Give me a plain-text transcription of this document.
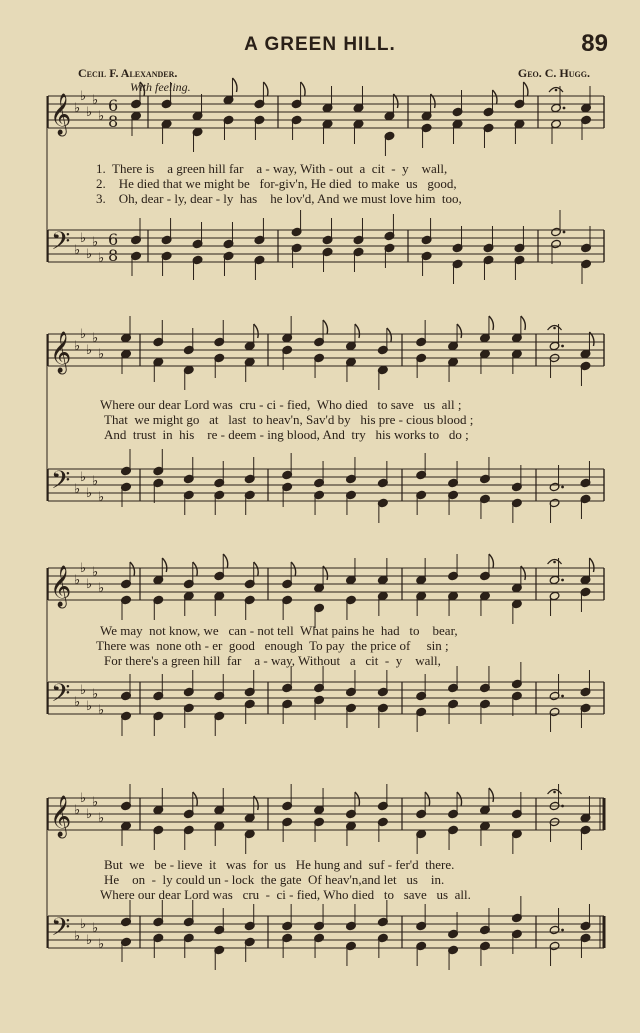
A GREEN HILL.	89
Cecil F. Alexander.	Geo. C. Hugg.
With feeling.
𝄞 ♭
♭
♭
♭
♭
6
8
𝄢 ♭
♭
♭
♭
♭
6
8
𝄞 ♭
♭
♭
♭
♭
𝄢 ♭
♭
♭
♭
♭
𝄞 ♭
♭
♭
♭
♭
𝄢 ♭
♭
♭
♭
♭
𝄞 ♭
♭
♭
♭
♭
𝄢 ♭
♭
♭
♭
♭
1.  There is    a green hill far    a - way, With - out  a  cit  -  y    wall,
2.    He died that we might be   for-giv'n, He died  to make  us   good,
3.    Oh, dear - ly, dear - ly  has    he lov'd, And we must love him  too,
Where our dear Lord was  cru - ci - fied,  Who died   to save   us  all ;
That  we might go   at   last  to heav'n, Sav'd by   his pre - cious blood ;
And  trust  in  his    re - deem - ing blood, And  try   his works to   do ;
We may  not know, we   can - not tell  What pains he  had   to    bear,
There was  none oth - er  good   enough  To pay  the price of     sin ;
For there's a green hill  far    a - way, Without   a   cit  -  y    wall,
But  we   be - lieve  it   was  for  us   He hung and  suf - fer'd  there.
He    on  -  ly could un - lock  the gate  Of heav'n,and let   us    in.
Where our dear Lord was   cru  -  ci - fied, Who died   to   save   us  all.
